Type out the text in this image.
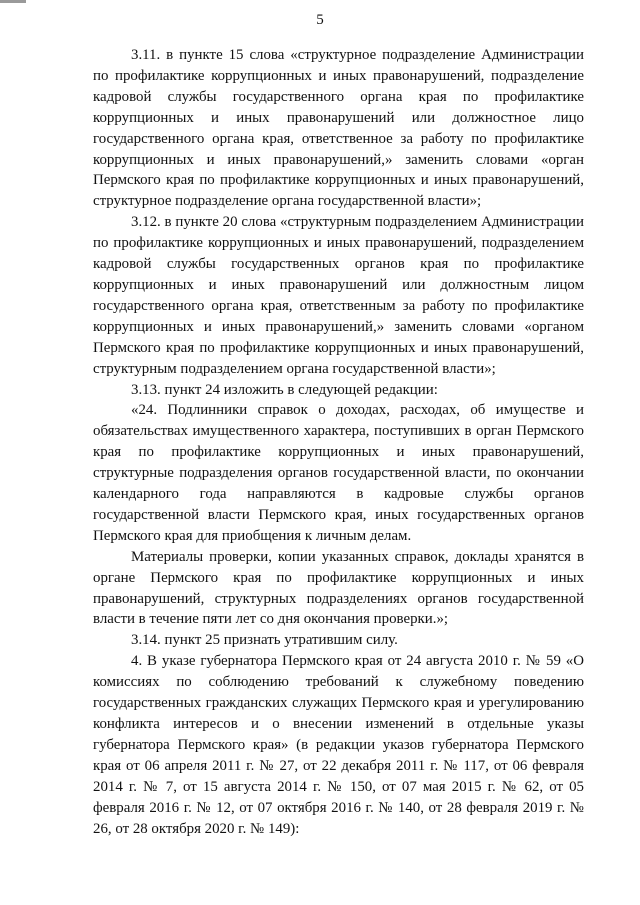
5

3.11. в пункте 15 слова «структурное подразделение Администрации по профилактике коррупционных и иных правонарушений, подразделение кадровой службы государственного органа края по профилактике коррупционных и иных правонарушений или должностное лицо государственного органа края, ответственное за работу по профилактике коррупционных и иных правонарушений,» заменить словами «орган Пермского края по профилактике коррупционных и иных правонарушений, структурное подразделение органа государственной власти»;

3.12. в пункте 20 слова «структурным подразделением Администрации по профилактике коррупционных и иных правонарушений, подразделением кадровой службы государственных органов края по профилактике коррупционных и иных правонарушений или должностным лицом государственного органа края, ответственным за работу по профилактике коррупционных и иных правонарушений,» заменить словами «органом Пермского края по профилактике коррупционных и иных правонарушений, структурным подразделением органа государственной власти»;

3.13. пункт 24 изложить в следующей редакции:

«24. Подлинники справок о доходах, расходах, об имуществе и обязательствах имущественного характера, поступивших в орган Пермского края по профилактике коррупционных и иных правонарушений, структурные подразделения органов государственной власти, по окончании календарного года направляются в кадровые службы органов государственной власти Пермского края, иных государственных органов Пермского края для приобщения к личным делам.

Материалы проверки, копии указанных справок, доклады хранятся в органе Пермского края по профилактике коррупционных и иных правонарушений, структурных подразделениях органов государственной власти в течение пяти лет со дня окончания проверки.»;

3.14. пункт 25 признать утратившим силу.

4. В указе губернатора Пермского края от 24 августа 2010 г. № 59 «О комиссиях по соблюдению требований к служебному поведению государственных гражданских служащих Пермского края и урегулированию конфликта интересов и о внесении изменений в отдельные указы губернатора Пермского края» (в редакции указов губернатора Пермского края от 06 апреля 2011 г. № 27, от 22 декабря 2011 г. № 117, от 06 февраля 2014 г. № 7, от 15 августа 2014 г. № 150, от 07 мая 2015 г. № 62, от 05 февраля 2016 г. № 12, от 07 октября 2016 г. № 140, от 28 февраля 2019 г. № 26, от 28 октября 2020 г. № 149):
